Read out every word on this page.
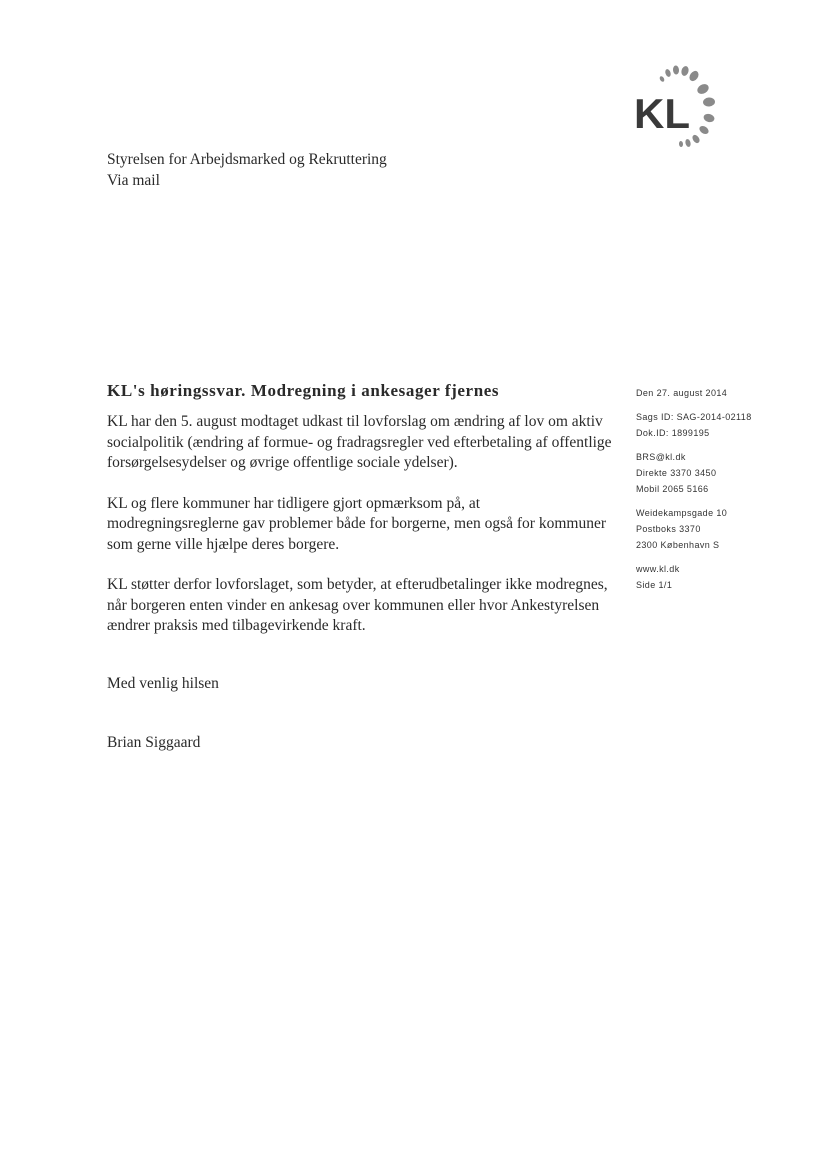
KL
Styrelsen for Arbejdsmarked og Rekruttering
Via mail
KL's høringssvar. Modregning i ankesager fjernes

KL har den 5. august modtaget udkast til lovforslag om ændring af lov om aktiv socialpolitik (ændring af formue- og fradragsregler ved efterbetaling af offentlige forsørgelsesydelser og øvrige offentlige sociale ydelser).

KL og flere kommuner har tidligere gjort opmærksom på, at modregningsreglerne gav problemer både for borgerne, men også for kommuner som gerne ville hjælpe deres borgere.

KL støtter derfor lovforslaget, som betyder, at efterudbetalinger ikke modregnes, når borgeren enten vinder en ankesag over kommunen eller hvor Ankestyrelsen ændrer praksis med tilbagevirkende kraft.

Med venlig hilsen
Brian Siggaard
Den 27. august 2014
Sags ID: SAG-2014-02118
Dok.ID: 1899195
BRS@kl.dk
Direkte 3370 3450
Mobil 2065 5166
Weidekampsgade 10
Postboks 3370
2300 København S
www.kl.dk
Side 1/1
